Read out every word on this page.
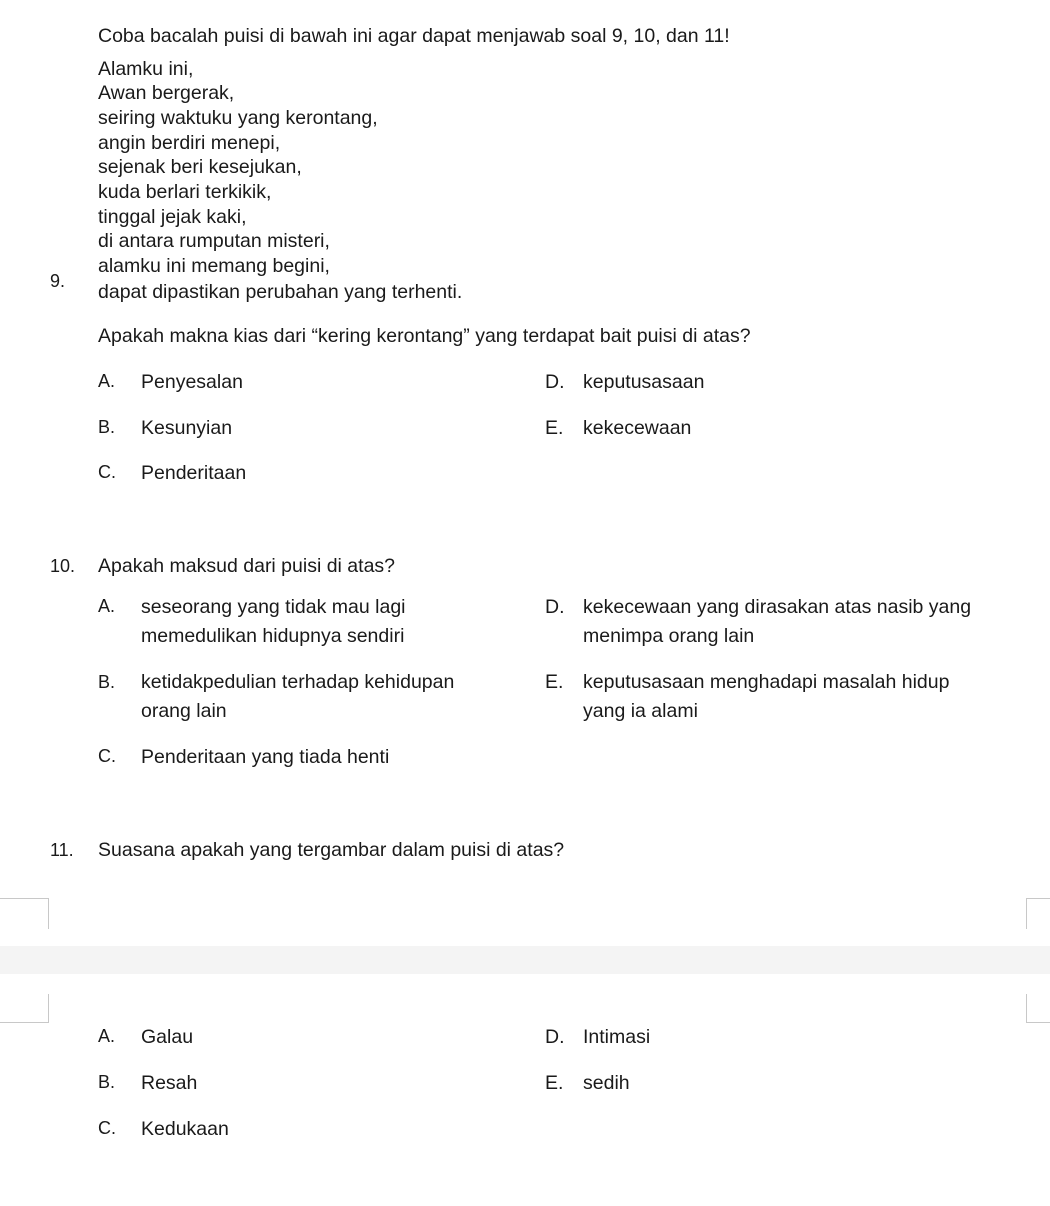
Coba bacalah puisi di bawah ini agar dapat menjawab soal 9, 10, dan 11!
Alamku ini,
Awan bergerak,
seiring waktuku yang kerontang,
angin berdiri menepi,
sejenak beri kesejukan,
kuda berlari terkikik,
tinggal jejak kaki,
di antara rumputan misteri,
alamku ini memang begini,
dapat dipastikan perubahan yang terhenti.
9.
Apakah makna kias dari “kering kerontang” yang terdapat bait puisi di atas?
A. Penyesalan
B. Kesunyian
C. Penderitaan
D. keputusasaan
E. kekecewaan
10. Apakah maksud dari puisi di atas?
A. seseorang yang tidak mau lagi
memedulikan hidupnya sendiri
B. ketidakpedulian terhadap kehidupan
orang lain
C. Penderitaan yang tiada henti
D. kekecewaan yang dirasakan atas nasib yang
menimpa orang lain
E. keputusasaan menghadapi masalah hidup
yang ia alami
11. Suasana apakah yang tergambar dalam puisi di atas?
A. Galau
B. Resah
C. Kedukaan
D. Intimasi
E. sedih
